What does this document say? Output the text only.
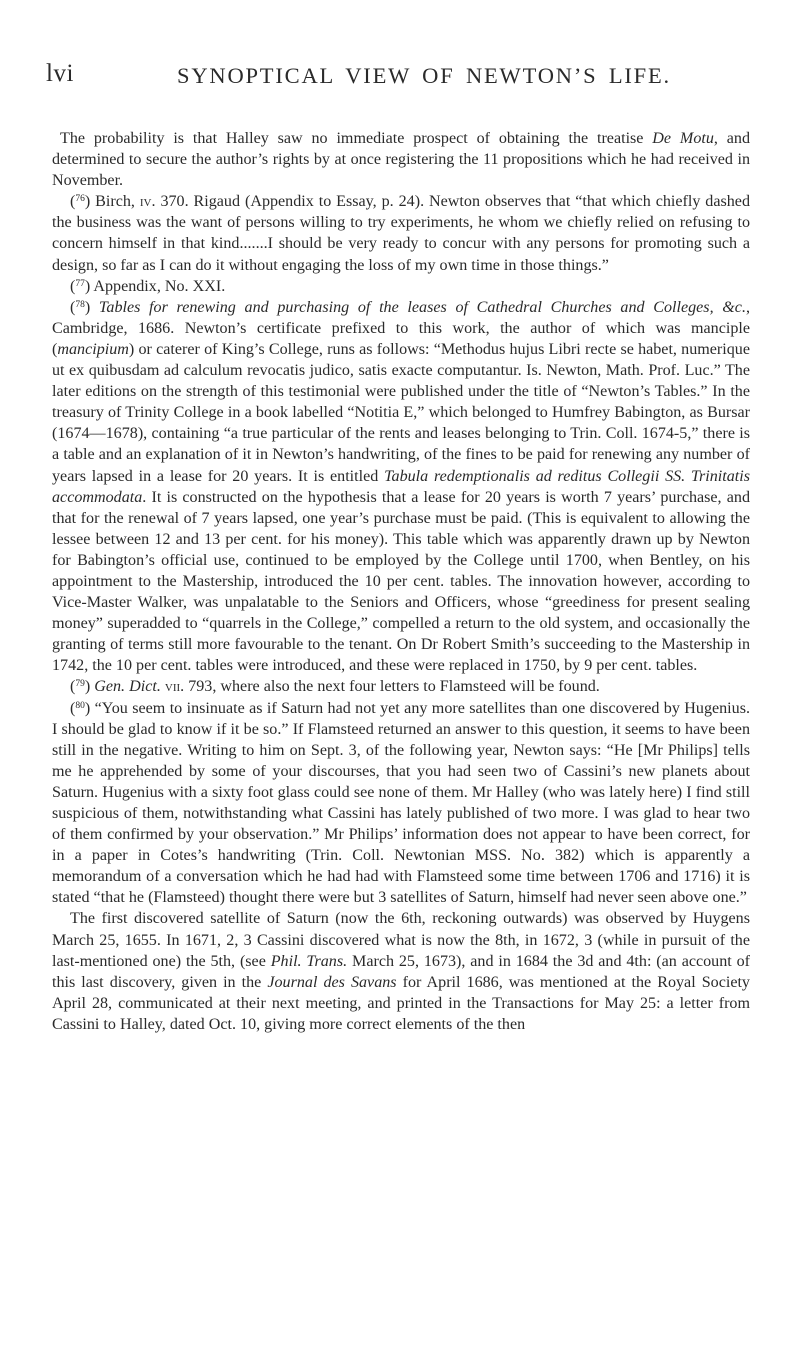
lvi	SYNOPTICAL VIEW OF NEWTON’S LIFE.

The probability is that Halley saw no immediate prospect of obtaining the treatise De Motu, and determined to secure the author’s rights by at once registering the 11 propositions which he had received in November.

($^{76}$) Birch, iv. 370. Rigaud (Appendix to Essay, p. 24). Newton observes that “that which chiefly dashed the business was the want of persons willing to try experiments, he whom we chiefly relied on refusing to concern himself in that kind.......I should be very ready to concur with any persons for promoting such a design, so far as I can do it without engaging the loss of my own time in those things.”

($^{77}$) Appendix, No. XXI.

($^{78}$) Tables for renewing and purchasing of the leases of Cathedral Churches and Colleges, &c., Cambridge, 1686. Newton’s certificate prefixed to this work, the author of which was manciple (mancipium) or caterer of King’s College, runs as follows: “Methodus hujus Libri recte se habet, numerique ut ex quibusdam ad calculum revocatis judico, satis exacte computantur. Is. Newton, Math. Prof. Luc.” The later editions on the strength of this testimonial were published under the title of “Newton’s Tables.” In the treasury of Trinity College in a book labelled “Notitia E,” which belonged to Humfrey Babington, as Bursar (1674—1678), containing “a true particular of the rents and leases belonging to Trin. Coll. 1674-5,” there is a table and an explanation of it in Newton’s handwriting, of the fines to be paid for renewing any number of years lapsed in a lease for 20 years. It is entitled Tabula redemptionalis ad reditus Collegii SS. Trinitatis accommodata. It is constructed on the hypothesis that a lease for 20 years is worth 7 years’ purchase, and that for the renewal of 7 years lapsed, one year’s purchase must be paid. (This is equivalent to allowing the lessee between 12 and 13 per cent. for his money). This table which was apparently drawn up by Newton for Babington’s official use, continued to be employed by the College until 1700, when Bentley, on his appointment to the Mastership, introduced the 10 per cent. tables. The innovation however, according to Vice-Master Walker, was unpalatable to the Seniors and Officers, whose “greediness for present sealing money” superadded to “quarrels in the College,” compelled a return to the old system, and occasionally the granting of terms still more favourable to the tenant. On Dr Robert Smith’s succeeding to the Mastership in 1742, the 10 per cent. tables were introduced, and these were replaced in 1750, by 9 per cent. tables.

($^{79}$) Gen. Dict. vii. 793, where also the next four letters to Flamsteed will be found.

($^{80}$) “You seem to insinuate as if Saturn had not yet any more satellites than one discovered by Hugenius. I should be glad to know if it be so.” If Flamsteed returned an answer to this question, it seems to have been still in the negative. Writing to him on Sept. 3, of the following year, Newton says: “He [Mr Philips] tells me he apprehended by some of your discourses, that you had seen two of Cassini’s new planets about Saturn. Hugenius with a sixty foot glass could see none of them. Mr Halley (who was lately here) I find still suspicious of them, notwithstanding what Cassini has lately published of two more. I was glad to hear two of them confirmed by your observation.” Mr Philips’ information does not appear to have been correct, for in a paper in Cotes’s handwriting (Trin. Coll. Newtonian MSS. No. 382) which is apparently a memorandum of a conversation which he had had with Flamsteed some time between 1706 and 1716) it is stated “that he (Flamsteed) thought there were but 3 satellites of Saturn, himself had never seen above one.”

The first discovered satellite of Saturn (now the 6th, reckoning outwards) was observed by Huygens March 25, 1655. In 1671, 2, 3 Cassini discovered what is now the 8th, in 1672, 3 (while in pursuit of the last-mentioned one) the 5th, (see Phil. Trans. March 25, 1673), and in 1684 the 3d and 4th: (an account of this last discovery, given in the Journal des Savans for April 1686, was mentioned at the Royal Society April 28, communicated at their next meeting, and printed in the Transactions for May 25: a letter from Cassini to Halley, dated Oct. 10, giving more correct elements of the then
